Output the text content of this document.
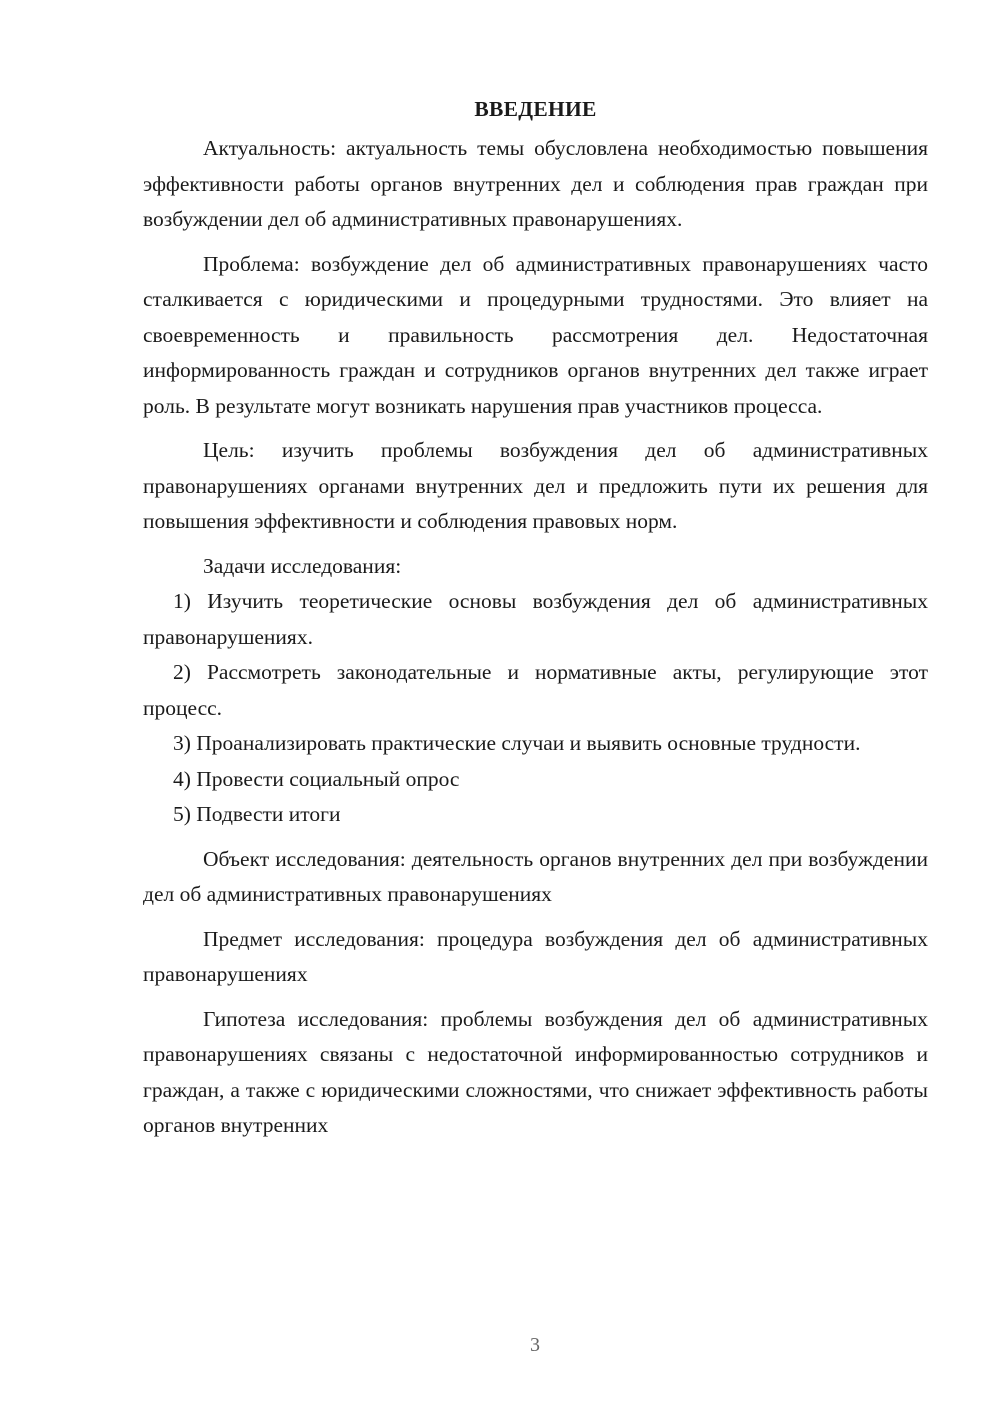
ВВЕДЕНИЕ

Актуальность: актуальность темы обусловлена необходимостью повышения эффективности работы органов внутренних дел и соблюдения прав граждан при возбуждении дел об административных правонарушениях.

Проблема: возбуждение дел об административных правонарушениях часто сталкивается с юридическими и процедурными трудностями. Это влияет на своевременность и правильность рассмотрения дел. Недостаточная информированность граждан и сотрудников органов внутренних дел также играет роль. В результате могут возникать нарушения прав участников процесса.

Цель: изучить проблемы возбуждения дел об административных правонарушениях органами внутренних дел и предложить пути их решения для повышения эффективности и соблюдения правовых норм.

Задачи исследования:

1) Изучить теоретические основы возбуждения дел об административных правонарушениях.

2) Рассмотреть законодательные и нормативные акты, регулирующие этот процесс.

3) Проанализировать практические случаи и выявить основные трудности.

4) Провести социальный опрос

5) Подвести итоги

Объект исследования: деятельность органов внутренних дел при возбуждении дел об административных правонарушениях

Предмет исследования: процедура возбуждения дел об административных правонарушениях

Гипотеза исследования: проблемы возбуждения дел об административных правонарушениях связаны с недостаточной информированностью сотрудников и граждан, а также с юридическими сложностями, что снижает эффективность работы органов внутренних

3
